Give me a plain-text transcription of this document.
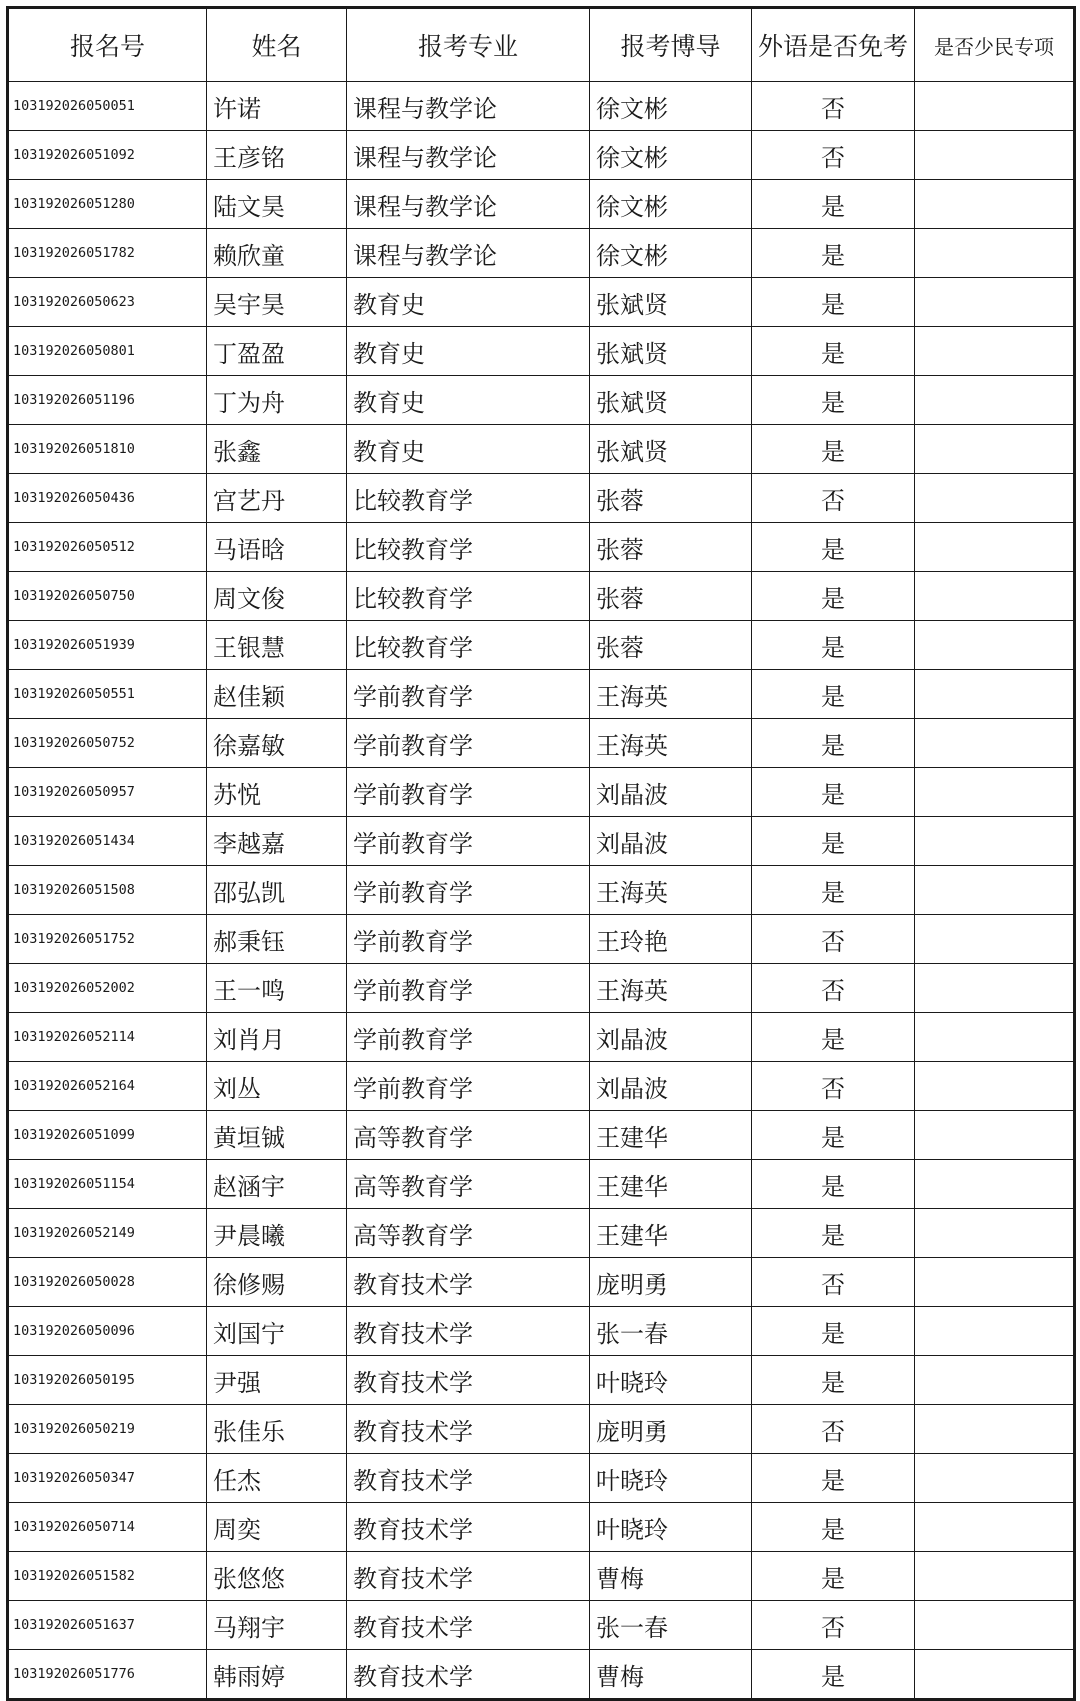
报名号	姓名	报考专业	报考博导	外语是否免考	是否少民专项
103192026050051	许诺	课程与教学论	徐文彬	否	
103192026051092	王彦铭	课程与教学论	徐文彬	否	
103192026051280	陆文昊	课程与教学论	徐文彬	是	
103192026051782	赖欣童	课程与教学论	徐文彬	是	
103192026050623	吴宇昊	教育史	张斌贤	是	
103192026050801	丁盈盈	教育史	张斌贤	是	
103192026051196	丁为舟	教育史	张斌贤	是	
103192026051810	张鑫	教育史	张斌贤	是	
103192026050436	宫艺丹	比较教育学	张蓉	否	
103192026050512	马语晗	比较教育学	张蓉	是	
103192026050750	周文俊	比较教育学	张蓉	是	
103192026051939	王银慧	比较教育学	张蓉	是	
103192026050551	赵佳颖	学前教育学	王海英	是	
103192026050752	徐嘉敏	学前教育学	王海英	是	
103192026050957	苏悦	学前教育学	刘晶波	是	
103192026051434	李越嘉	学前教育学	刘晶波	是	
103192026051508	邵弘凯	学前教育学	王海英	是	
103192026051752	郝秉钰	学前教育学	王玲艳	否	
103192026052002	王一鸣	学前教育学	王海英	否	
103192026052114	刘肖月	学前教育学	刘晶波	是	
103192026052164	刘丛	学前教育学	刘晶波	否	
103192026051099	黄垣铖	高等教育学	王建华	是	
103192026051154	赵涵宇	高等教育学	王建华	是	
103192026052149	尹晨曦	高等教育学	王建华	是	
103192026050028	徐修赐	教育技术学	庞明勇	否	
103192026050096	刘国宁	教育技术学	张一春	是	
103192026050195	尹强	教育技术学	叶晓玲	是	
103192026050219	张佳乐	教育技术学	庞明勇	否	
103192026050347	任杰	教育技术学	叶晓玲	是	
103192026050714	周奕	教育技术学	叶晓玲	是	
103192026051582	张悠悠	教育技术学	曹梅	是	
103192026051637	马翔宇	教育技术学	张一春	否	
103192026051776	韩雨婷	教育技术学	曹梅	是	
